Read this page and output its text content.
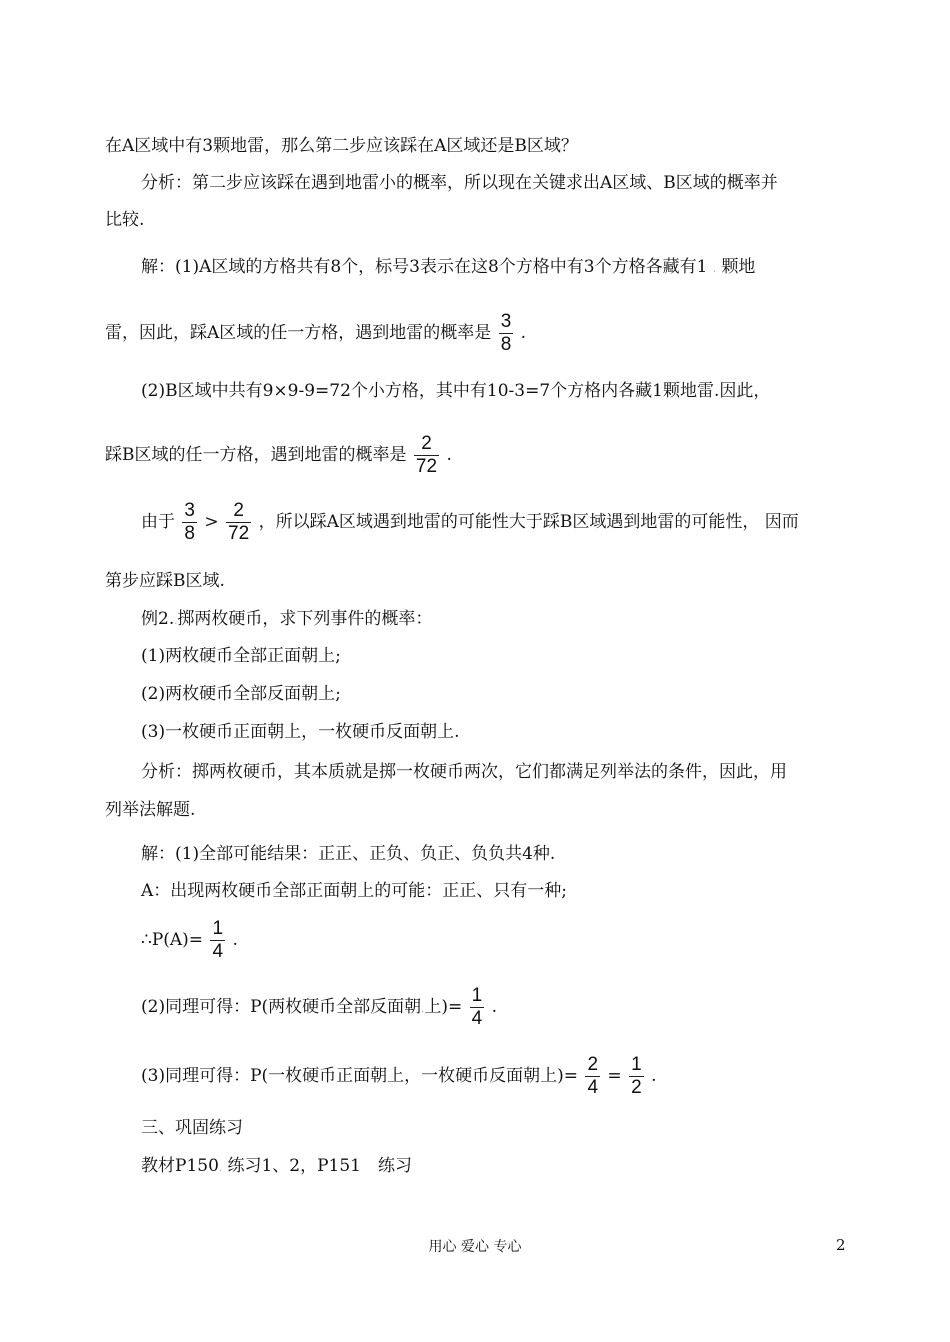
在A区域中有3颗地雷，那么第二步应该踩在A区域还是B区域？
分析：第二步应该踩在遇到地雷小的概率，所以现在关键求出A区域、B区域的概率并
比较.
解：(1)A区域的方格共有8个，标号3表示在这8个方格中有3个方格各藏有1 . 颗地
雷，因此，踩A区域的任一方格，遇到地雷的概率是 $\frac{3}{8}$ .
(2)B区域中共有9×9-9=72个小方格，其中有10-3=7个方格内各藏1颗地雷.因此，
踩B区域的任一方格，遇到地雷的概率是 $\frac{2}{72}$ .
由于 $\frac{3}{8} > \frac{2}{72}$ ，所以踩A区域遇到地雷的可能性大于踩B区域遇到地雷的可能性， 因而
第步应踩B区域.
例2..掷两枚硬币，求下列事件的概率：
(1)两枚硬币全部正面朝上;
(2)两枚硬币全部反面朝上;
(3)一枚硬币正面朝上，一枚硬币反面朝上.
分析：掷两枚硬币，其本质就是掷一枚硬币两次，它们都满足列举法的条件，因此，用
列举法解题.
解：(1)全部可能结果：正正、正负、负正、负负共4种.
A：出现两枚硬币全部正面朝上的可能：正正、只有一种;
∴P(A)= $\frac{1}{4}$ .
(2)同理可得：P(两枚硬币全部反面朝.上)= $\frac{1}{4}$ .
(3)同理可得：P(一枚硬币正面朝上，一枚硬币反面朝上)= $\frac{2}{4} = \frac{1}{2}$ .
三、巩固练习
教材P150. 练习1、2，P151　练习
用心 爱心 专心	2
